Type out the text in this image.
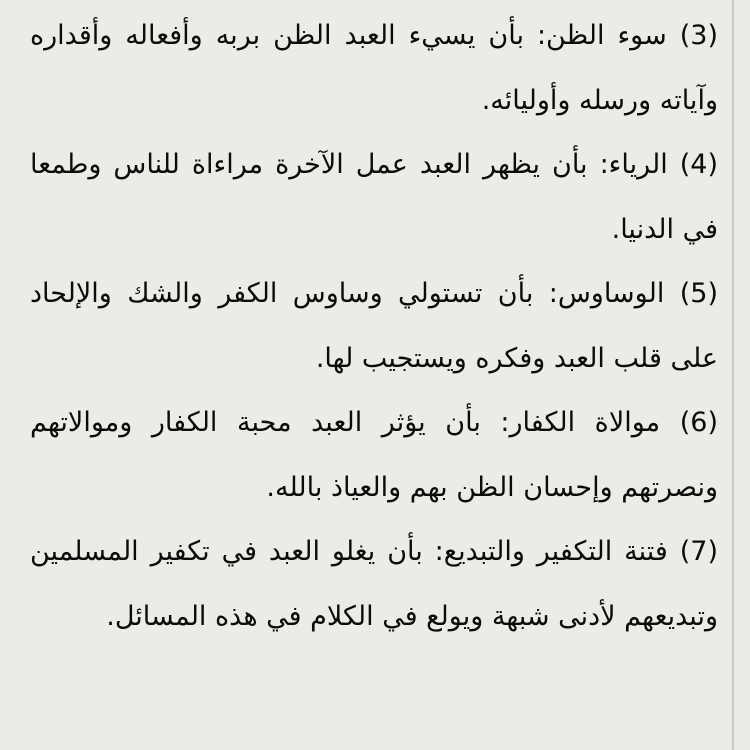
(3) سوء الظن: بأن يسيء العبد الظن بربه وأفعاله وأقداره وآياته ورسله وأوليائه.

(4) الرياء: بأن يظهر العبد عمل الآخرة مراءاة للناس وطمعا في الدنيا.

(5) الوساوس: بأن تستولي وساوس الكفر والشك والإلحاد على قلب العبد وفكره ويستجيب لها.

(6) موالاة الكفار: بأن يؤثر العبد محبة الكفار وموالاتهم ونصرتهم وإحسان الظن بهم والعياذ بالله.

(7) فتنة التكفير والتبديع: بأن يغلو العبد في تكفير المسلمين وتبديعهم لأدنى شبهة ويولع في الكلام في هذه المسائل.
